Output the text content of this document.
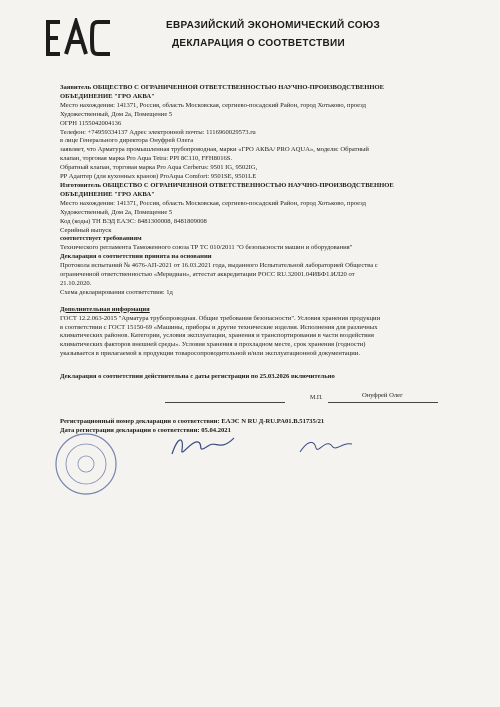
ЕВРАЗИЙСКИЙ ЭКОНОМИЧЕСКИЙ СОЮЗ
ДЕКЛАРАЦИЯ О СООТВЕТСТВИИ
Заявитель ОБЩЕСТВО С ОГРАНИЧЕННОЙ ОТВЕТСТВЕННОСТЬЮ НАУЧНО-ПРОИЗВОДСТВЕННОЕ
ОБЪЕДИНЕНИЕ "ГРО АКВА"
Место нахождения: 141371, Россия, область Московская, сергиево-посадский Район, город Хотьково, проезд
Художественный, Дом 2а, Помещение 5
ОГРН 1155042004136
Телефон: +74959334137 Адрес электронной почты: 1116960029573.ru
в лице Генерального директора Онуфрей Олега
заявляет, что Арматура промышленная трубопроводная, марки «ГРО АКВА/ PRO AQUA», модели: Обратный
клапан, торговая марка Pro Aqua Tetra: PPI 8C110, FFH8016S.
Обратный клапан, торговая марка Pro Aqua Cerberus: 9501 IG, 9502IG,
PP Адаптер (для кухонных кранов) ProAqua Comfort: 9501SE, 9501LE
Изготовитель ОБЩЕСТВО С ОГРАНИЧЕННОЙ ОТВЕТСТВЕННОСТЬЮ НАУЧНО-ПРОИЗВОДСТВЕННОЕ
ОБЪЕДИНЕНИЕ "ГРО АКВА"
Место нахождения: 141371, Россия, область Московская, сергиево-посадский Район, город Хотьково, проезд
Художественный, Дом 2а, Помещение 5
Код (коды) ТН ВЭД ЕАЭС: 8481300008, 8481809008
Серийный выпуск
соответствует требованиям
Технического регламента Таможенного союза ТР ТС 010/2011 "О безопасности машин и оборудования"
Декларация о соответствии принята на основании
Протокола испытаний № 4676-АП-2021 от 16.03.2021 года, выданного Испытательной лабораторией Общества с
ограниченной ответственностью «Меридиан», аттестат аккредитации РОСС RU.32001.04ИБФ1.ИЛ20 от
21.10.2020.
Схема декларирования соответствия: 1д
Дополнительная информация
ГОСТ 12.2.063-2015 "Арматура трубопроводная. Общие требования безопасности". Условия хранения продукции
в соответствии с ГОСТ 15150-69 «Машины, приборы и другие технические изделия. Исполнения для различных
климатических районов. Категории, условия эксплуатации, хранения и транспортирования в части воздействия
климатических факторов внешней среды». Условия хранения в прохладном месте, срок хранения (годности)
указывается в прилагаемой к продукции товаросопроводительной и/или эксплуатационной документации.
Декларация о соответствии действительна с даты регистрации по 25.03.2026 включительно
М.П.	Онуфрей Олег
Регистрационный номер декларации о соответствии: ЕАЭС N RU Д-RU.PA01.B.51735/21
Дата регистрации декларации о соответствии: 05.04.2021
